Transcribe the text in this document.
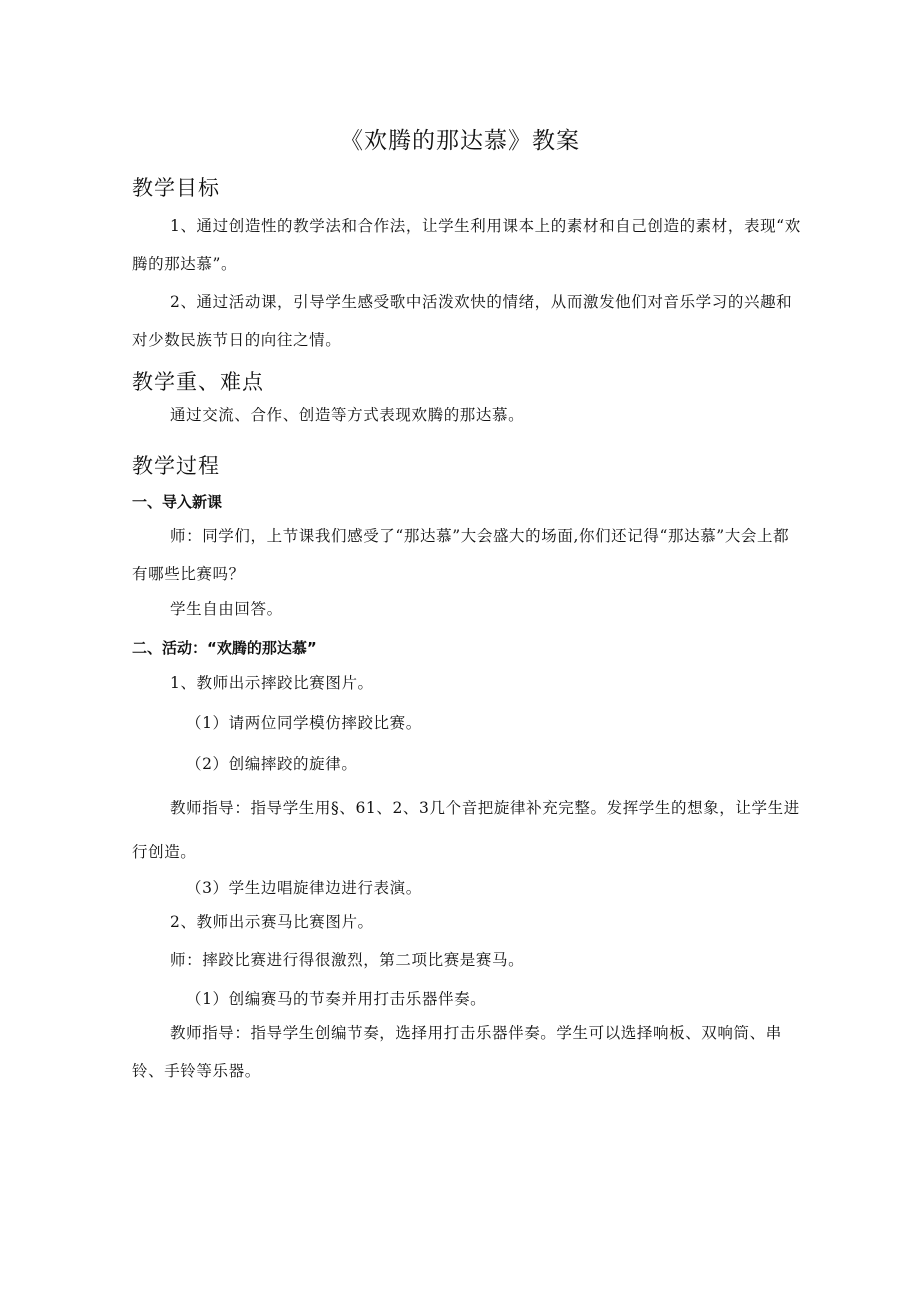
《欢腾的那达慕》教案
教学目标

1、通过创造性的教学法和合作法，让学生利用课本上的素材和自己创造的素材，表现“欢腾的那达慕”。

2、通过活动课，引导学生感受歌中活泼欢快的情绪，从而激发他们对音乐学习的兴趣和对少数民族节日的向往之情。

教学重、难点

通过交流、合作、创造等方式表现欢腾的那达慕。

教学过程
一、导入新课

师：同学们，上节课我们感受了“那达慕”大会盛大的场面,你们还记得“那达慕”大会上都有哪些比赛吗？

学生自由回答。

二、活动：“欢腾的那达慕”

1、教师出示摔跤比赛图片。

（1）请两位同学模仿摔跤比赛。
（2）创编摔跤的旋律。

教师指导：指导学生用§、61、2、3几个音把旋律补充完整。发挥学生的想象，让学生进行创造。

（3）学生边唱旋律边进行表演。

2、教师出示赛马比赛图片。

师：摔跤比赛进行得很激烈，第二项比赛是赛马。

（1）创编赛马的节奏并用打击乐器伴奏。

教师指导：指导学生创编节奏，选择用打击乐器伴奏。学生可以选择响板、双响筒、串铃、手铃等乐器。
